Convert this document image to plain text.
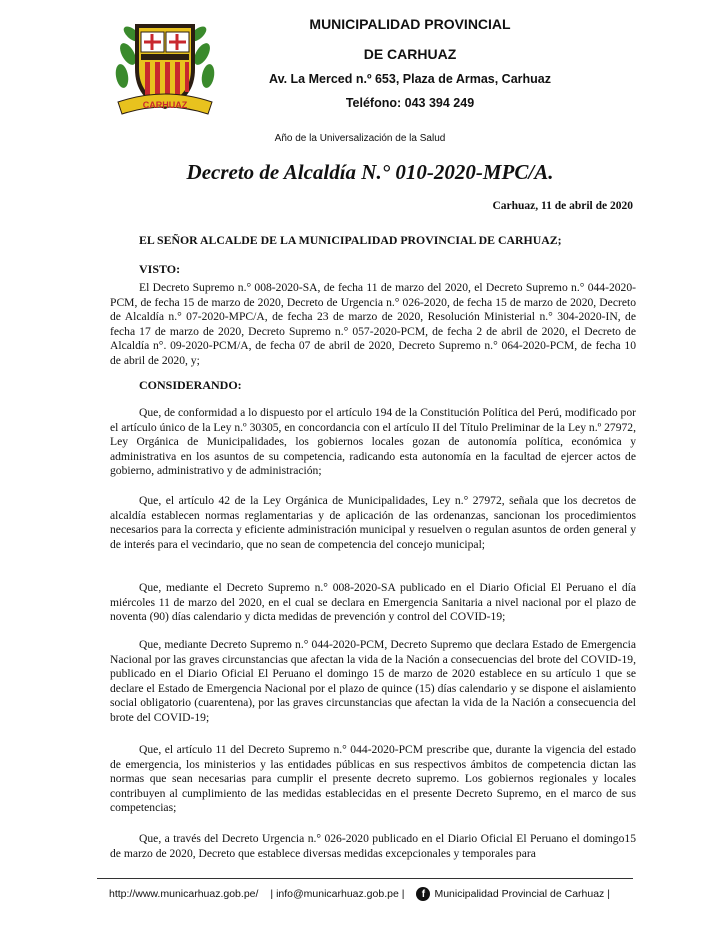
CARHUAZ
MUNICIPALIDAD PROVINCIAL
DE CARHUAZ
Av. La Merced n.º 653, Plaza de Armas, Carhuaz
Teléfono: 043 394 249
Año de la Universalización de la Salud
Decreto de Alcaldía N.° 010-2020-MPC/A.
Carhuaz, 11 de abril de 2020
EL SEÑOR ALCALDE DE LA MUNICIPALIDAD PROVINCIAL DE CARHUAZ;
VISTO:

El Decreto Supremo n.° 008-2020-SA, de fecha 11 de marzo del 2020, el Decreto Supremo n.° 044-2020-PCM, de fecha 15 de marzo de 2020, Decreto de Urgencia n.° 026-2020, de fecha 15 de marzo de 2020, Decreto de Alcaldía n.° 07-2020-MPC/A, de fecha 23 de marzo de 2020, Resolución Ministerial n.° 304-2020-IN, de fecha 17 de marzo de 2020, Decreto Supremo n.° 057-2020-PCM, de fecha 2 de abril de 2020, el Decreto de Alcaldía n°. 09-2020-PCM/A, de fecha 07 de abril de 2020, Decreto Supremo n.° 064-2020-PCM, de fecha 10 de abril de 2020, y;

CONSIDERANDO:

Que, de conformidad a lo dispuesto por el artículo 194 de la Constitución Política del Perú, modificado por el artículo único de la Ley n.º 30305, en concordancia con el artículo II del Título Preliminar de la Ley n.º 27972, Ley Orgánica de Municipalidades, los gobiernos locales gozan de autonomía política, económica y administrativa en los asuntos de su competencia, radicando esta autonomía en la facultad de ejercer actos de gobierno, administrativo y de administración;

Que, el artículo 42 de la Ley Orgánica de Municipalidades, Ley n.° 27972, señala que los decretos de alcaldía establecen normas reglamentarias y de aplicación de las ordenanzas, sancionan los procedimientos necesarios para la correcta y eficiente administración municipal y resuelven o regulan asuntos de orden general y de interés para el vecindario, que no sean de competencia del concejo municipal;

Que, mediante el Decreto Supremo n.° 008-2020-SA publicado en el Diario Oficial El Peruano el día miércoles 11 de marzo del 2020, en el cual se declara en Emergencia Sanitaria a nivel nacional por el plazo de noventa (90) días calendario y dicta medidas de prevención y control del COVID-19;

Que, mediante Decreto Supremo n.° 044-2020-PCM, Decreto Supremo que declara Estado de Emergencia Nacional por las graves circunstancias que afectan la vida de la Nación a consecuencias del brote del COVID-19, publicado en el Diario Oficial El Peruano el domingo 15 de marzo de 2020 establece en su artículo 1 que se declare el Estado de Emergencia Nacional por el plazo de quince (15) días calendario y se dispone el aislamiento social obligatorio (cuarentena), por las graves circunstancias que afectan la vida de la Nación a consecuencia del brote del COVID-19;

Que, el artículo 11 del Decreto Supremo n.° 044-2020-PCM prescribe que, durante la vigencia del estado de emergencia, los ministerios y las entidades públicas en sus respectivos ámbitos de competencia dictan las normas que sean necesarias para cumplir el presente decreto supremo. Los gobiernos regionales y locales contribuyen al cumplimiento de las medidas establecidas en el presente Decreto Supremo, en el marco de sus competencias;

Que, a través del Decreto Urgencia n.° 026-2020 publicado en el Diario Oficial El Peruano el domingo15 de marzo de 2020, Decreto que establece diversas medidas excepcionales y temporales para

http://www.municarhuaz.gob.pe/ | info@municarhuaz.gob.pe |	f Municipalidad Provincial de Carhuaz |
